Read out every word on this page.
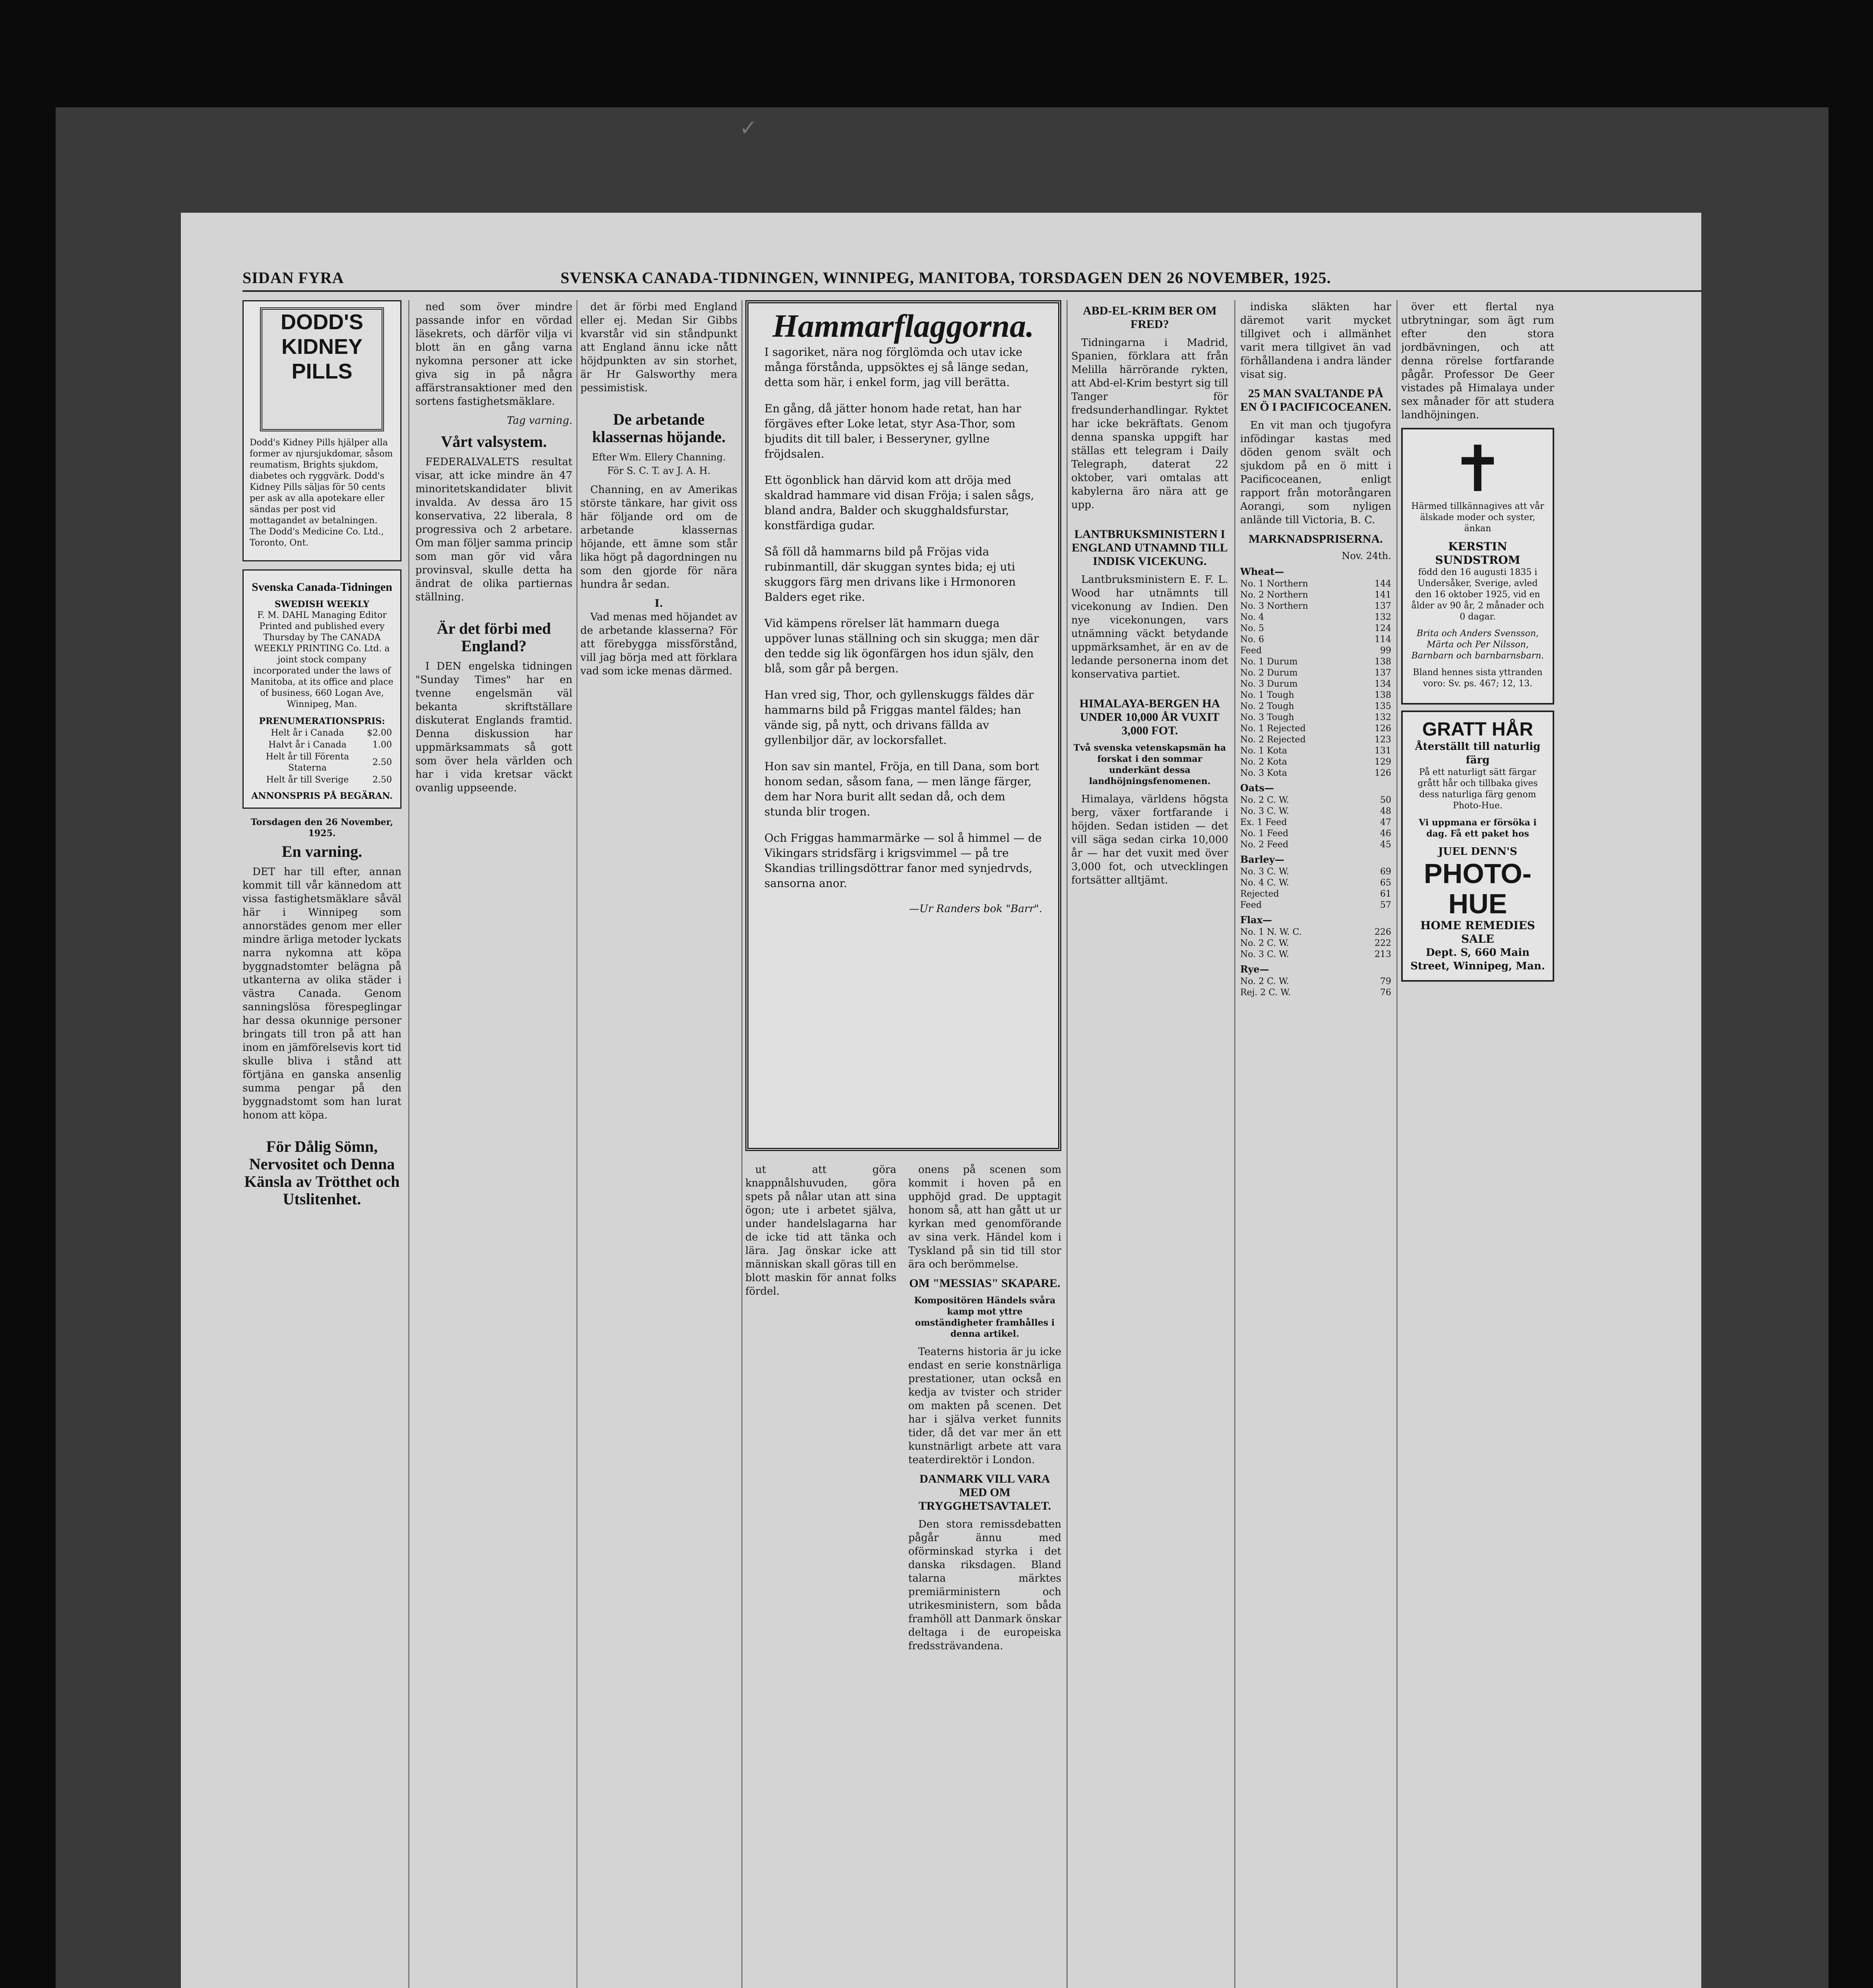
✓
SIDAN FYRA	SVENSKA CANADA-TIDNINGEN, WINNIPEG, MANITOBA, TORSDAGEN DEN 26 NOVEMBER, 1925.
DODD'S
KIDNEY
PILLS

Dodd's Kidney Pills hjälper alla former av njursjukdomar, såsom reumatism, Brights sjukdom, diabetes och ryggvärk. Dodd's Kidney Pills säljas för 50 cents per ask av alla apotekare eller sändas per post vid mottagandet av betalningen. The Dodd's Medicine Co. Ltd., Toronto, Ont.

Svenska Canada-Tidningen
SWEDISH WEEKLY
F. M. DAHL Managing Editor

Printed and published every Thursday by The CANADA WEEKLY PRINTING Co. Ltd. a joint stock company incorporated under the laws of Manitoba, at its office and place of business, 660 Logan Ave, Winnipeg, Man.

PRENUMERATIONSPRIS:
Helt år i Canada	$2.00
Halvt år i Canada	1.00
Helt år till Förenta Staterna	2.50
Helt år till Sverige	2.50
ANNONSPRIS PÅ BEGÄRAN.
Torsdagen den 26 November, 1925.
En varning.

DET har till efter, annan kommit till vår kännedom att vissa fastighetsmäklare såväl här i Winnipeg som annorstädes genom mer eller mindre ärliga metoder lyckats narra nykomna att köpa byggnadstomter belägna på utkanterna av olika städer i västra Canada. Genom sanningslösa förespeglingar har dessa okunnige personer bringats till tron på att han inom en jämförelsevis kort tid skulle bliva i stånd att förtjäna en ganska ansenlig summa pengar på den byggnadstomt som han lurat honom att köpa.

För Dålig Sömn, Nervositet och Denna Känsla av Trötthet och Utslitenhet.

ned som över mindre passande infor en vördad läsekrets, och därför vilja vi blott än en gång varna nykomna personer att icke giva sig in på några affärstransaktioner med den sortens fastighetsmäklare.

Tag varning.

Vårt valsystem.

FEDERALVALETS resultat visar, att icke mindre än 47 minoritetskandidater blivit invalda. Av dessa äro 15 konservativa, 22 liberala, 8 progressiva och 2 arbetare. Om man följer samma princip som man gör vid våra provinsval, skulle detta ha ändrat de olika partiernas ställning.

Är det förbi med England?

I DEN engelska tidningen "Sunday Times" har en tvenne engelsmän väl bekanta skriftställare diskuterat Englands framtid. Denna diskussion har uppmärksammats så gott som över hela världen och har i vida kretsar väckt ovanlig uppseende.

det är förbi med England eller ej. Medan Sir Gibbs kvarstår vid sin ståndpunkt att England ännu icke nått höjdpunkten av sin storhet, är Hr Galsworthy mera pessimistisk.

De arbetande klassernas höjande.
Efter Wm. Ellery Channing.
För S. C. T. av J. A. H.

Channing, en av Amerikas störste tänkare, har givit oss här följande ord om de arbetande klassernas höjande, ett ämne som står lika högt på dagordningen nu som den gjorde för nära hundra år sedan.

I.

Vad menas med höjandet av de arbetande klasserna? För att förebygga missförstånd, vill jag börja med att förklara vad som icke menas därmed.

Hammarflaggorna.

I sagoriket, nära nog förglömda och utav icke många förstånda, uppsöktes ej så länge sedan, detta som här, i enkel form, jag vill berätta.

En gång, då jätter honom hade retat, han har förgäves efter Loke letat, styr Asa-Thor, som bjudits dit till baler, i Besseryner, gyllne fröjdsalen.

Ett ögonblick han därvid kom att dröja med skaldrad hammare vid disan Fröja; i salen sågs, bland andra, Balder och skugghaldsfurstar, konstfärdiga gudar.

Så föll då hammarns bild på Fröjas vida rubinmantill, där skuggan syntes bida; ej uti skuggors färg men drivans like i Hrmonoren Balders eget rike.

Vid kämpens rörelser lät hammarn duega uppöver lunas ställning och sin skugga; men där den tedde sig lik ögonfärgen hos idun själv, den blå, som går på bergen.

Han vred sig, Thor, och gyllenskuggs fäldes där hammarns bild på Friggas mantel fäldes; han vände sig, på nytt, och drivans fällda av gyllenbiljor där, av lockorsfallet.

Hon sav sin mantel, Fröja, en till Dana, som bort honom sedan, såsom fana, — men länge färger, dem har Nora burit allt sedan då, och dem stunda blir trogen.

Och Friggas hammarmärke — sol å himmel — de Vikingars stridsfärg i krigsvimmel — på tre Skandias trillingsdöttrar fanor med synjedrvds, sansorna anor.

—Ur Randers bok "Barr".

ut att göra knappnålshuvuden, göra spets på nålar utan att sina ögon; ute i arbetet själva, under handelslagarna har de icke tid att tänka och lära. Jag önskar icke att människan skall göras till en blott maskin för annat folks fördel.

onens på scenen som kommit i hoven på en upphöjd grad. De upptagit honom så, att han gått ut ur kyrkan med genomförande av sina verk. Händel kom i Tyskland på sin tid till stor ära och berömmelse.

OM "MESSIAS" SKAPARE.

Kompositören Händels svåra kamp mot yttre omständigheter framhålles i denna artikel.

Teaterns historia är ju icke endast en serie konstnärliga prestationer, utan också en kedja av tvister och strider om makten på scenen. Det har i själva verket funnits tider, då det var mer än ett kunstnärligt arbete att vara teaterdirektör i London.

DANMARK VILL VARA MED OM TRYGGHETSAVTALET.

Den stora remissdebatten pågår ännu med oförminskad styrka i det danska riksdagen. Bland talarna märktes premiärministern och utrikesministern, som båda framhöll att Danmark önskar deltaga i de europeiska fredssträvandena.

ABD-EL-KRIM BER OM FRED?

Tidningarna i Madrid, Spanien, förklara att från Melilla härrörande rykten, att Abd-el-Krim bestyrt sig till Tanger för fredsunderhandlingar. Ryktet har icke bekräftats. Genom denna spanska uppgift har ställas ett telegram i Daily Telegraph, daterat 22 oktober, vari omtalas att kabylerna äro nära att ge upp.

LANTBRUKSMINISTERN I ENGLAND UTNAMND TILL INDISK VICEKUNG.

Lantbruksministern E. F. L. Wood har utnämnts till vicekonung av Indien. Den nye vicekonungen, vars utnämning väckt betydande uppmärksamhet, är en av de ledande personerna inom det konservativa partiet.

HIMALAYA-BERGEN HA UNDER 10,000 ÅR VUXIT 3,000 FOT.

Två svenska vetenskapsmän ha forskat i den sommar underkänt dessa landhöjningsfenomenen.

Himalaya, världens högsta berg, växer fortfarande i höjden. Sedan istiden — det vill säga sedan cirka 10,000 år — har det vuxit med över 3,000 fot, och utvecklingen fortsätter alltjämt.

indiska släkten har däremot varit mycket tillgivet och i allmänhet varit mera tillgivet än vad förhållandena i andra länder visat sig.

25 MAN SVALTANDE PÅ EN Ö I PACIFICOCEANEN.

En vit man och tjugofyra infödingar kastas med döden genom svält och sjukdom på en ö mitt i Pacificoceanen, enligt rapport från motorångaren Aorangi, som nyligen anlände till Victoria, B. C.

MARKNADSPRISERNA.
Nov. 24th.
Wheat—
No. 1 Northern	144
No. 2 Northern	141
No. 3 Northern	137
No. 4	132
No. 5	124
No. 6	114
Feed	99
No. 1 Durum	138
No. 2 Durum	137
No. 3 Durum	134
No. 1 Tough	138
No. 2 Tough	135
No. 3 Tough	132
No. 1 Rejected	126
No. 2 Rejected	123
No. 1 Kota	131
No. 2 Kota	129
No. 3 Kota	126
Oats—
No. 2 C. W.	50
No. 3 C. W.	48
Ex. 1 Feed	47
No. 1 Feed	46
No. 2 Feed	45
Barley—
No. 3 C. W.	69
No. 4 C. W.	65
Rejected	61
Feed	57
Flax—
No. 1 N. W. C.	226
No. 2 C. W.	222
No. 3 C. W.	213
Rye—
No. 2 C. W.	79
Rej. 2 C. W.	76

över ett flertal nya utbrytningar, som ägt rum efter den stora jordbävningen, och att denna rörelse fortfarande pågår. Professor De Geer vistades på Himalaya under sex månader för att studera landhöjningen.

✝

Härmed tillkännagives att vår älskade moder och syster, änkan

KERSTIN SUNDSTROM

född den 16 augusti 1835 i Undersåker, Sverige, avled den 16 oktober 1925, vid en ålder av 90 år, 2 månader och 0 dagar.

Brita och Anders Svensson, Märta och Per Nilsson, Barnbarn och barnbarnsbarn.

Bland hennes sista yttranden voro: Sv. ps. 467; 12, 13.

GRATT HÅR
Återställt till naturlig färg

På ett naturligt sätt färgar grått hår och tillbaka gives dess naturliga färg genom Photo-Hue.

Vi uppmana er försöka i dag. Få ett paket hos

JUEL DENN'S
PHOTO-HUE
HOME REMEDIES SALE
Dept. S, 660 Main Street, Winnipeg, Man.
